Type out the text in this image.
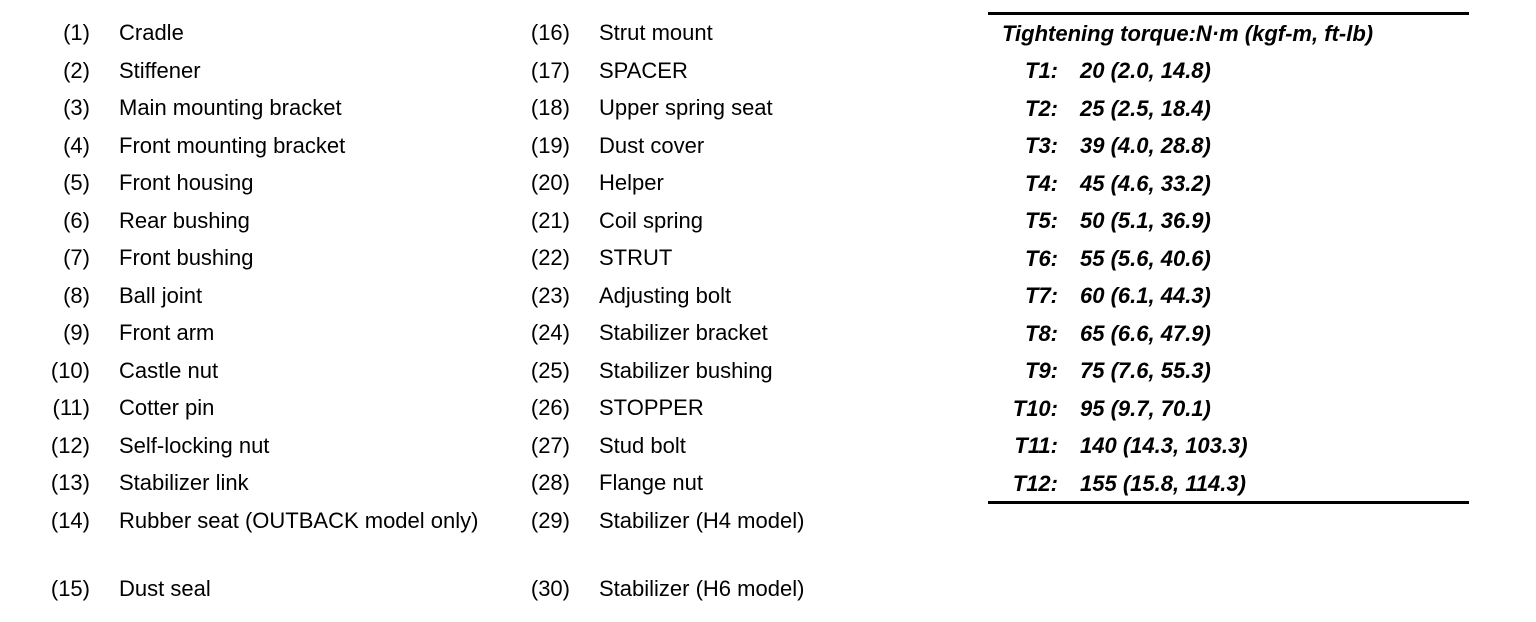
(1) Cradle
(2) Stiffener
(3) Main mounting bracket
(4) Front mounting bracket
(5) Front housing
(6) Rear bushing
(7) Front bushing
(8) Ball joint
(9) Front arm
(10) Castle nut
(11) Cotter pin
(12) Self-locking nut
(13) Stabilizer link
(14) Rubber seat (OUTBACK model only)
(15) Dust seal
(16) Strut mount
(17) SPACER
(18) Upper spring seat
(19) Dust cover
(20) Helper
(21) Coil spring
(22) STRUT
(23) Adjusting bolt
(24) Stabilizer bracket
(25) Stabilizer bushing
(26) STOPPER
(27) Stud bolt
(28) Flange nut
(29) Stabilizer (H4 model)
(30) Stabilizer (H6 model)
Tightening torque:N·m (kgf-m, ft-lb)
T1: 20 (2.0, 14.8)
T2: 25 (2.5, 18.4)
T3: 39 (4.0, 28.8)
T4: 45 (4.6, 33.2)
T5: 50 (5.1, 36.9)
T6: 55 (5.6, 40.6)
T7: 60 (6.1, 44.3)
T8: 65 (6.6, 47.9)
T9: 75 (7.6, 55.3)
T10: 95 (9.7, 70.1)
T11: 140 (14.3, 103.3)
T12: 155 (15.8, 114.3)
